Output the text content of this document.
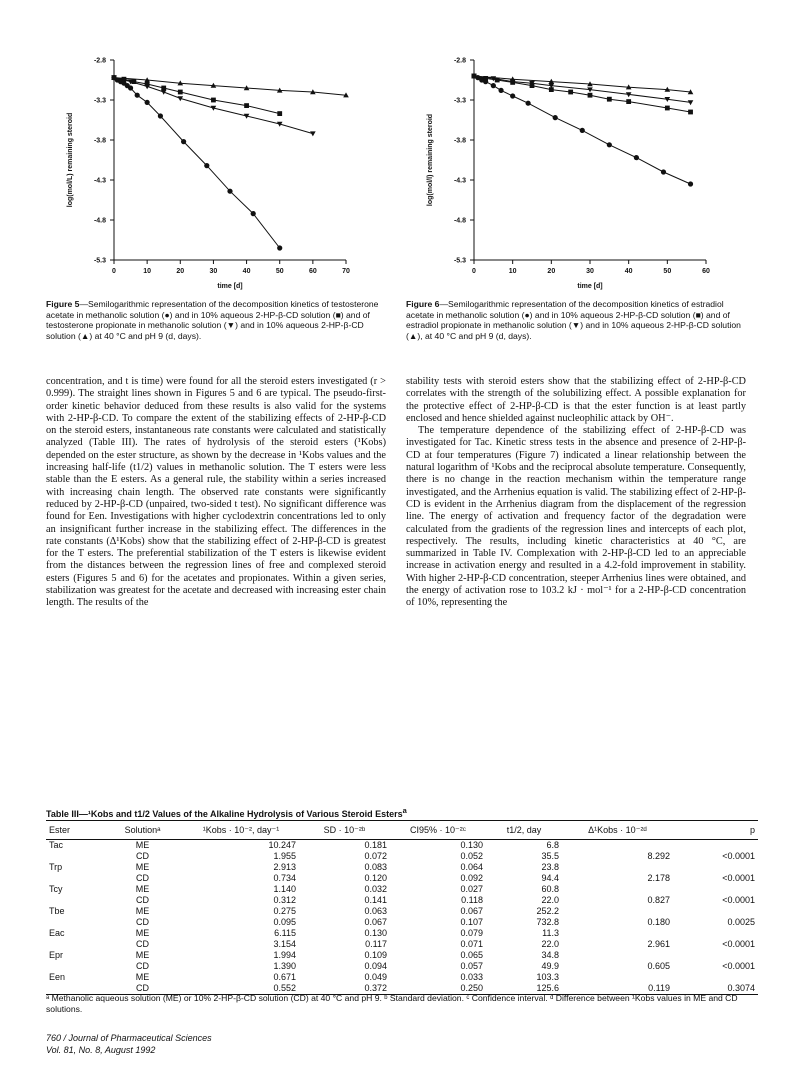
-2.8
-3.3
-3.8
-4.3
-4.8
-5.3
0	10	20	30	40	50	60	70
time [d]
log(mol/L) remaining steroid
-2.8
-3.3
-3.8
-4.3
-4.8
-5.3
0	10	20	30	40	50	60
time [d]
log(mol/l) remaining steroid
Figure 5—Semilogarithmic representation of the decomposition kinetics of testosterone acetate in methanolic solution (●) and in 10% aqueous 2-HP-β-CD solution (■) and of testosterone propionate in methanolic solution (▼) and in 10% aqueous 2-HP-β-CD solution (▲) at 40 °C and pH 9 (d, days).
Figure 6—Semilogarithmic representation of the decomposition kinetics of estradiol acetate in methanolic solution (●) and in 10% aqueous 2-HP-β-CD solution (■) and of estradiol propionate in methanolic solution (▼) and in 10% aqueous 2-HP-β-CD solution (▲), at 40 °C and pH 9 (d, days).

concentration, and t is time) were found for all the steroid esters investigated (r > 0.999). The straight lines shown in Figures 5 and 6 are typical. The pseudo-first-order kinetic behavior deduced from these results is also valid for the systems with 2-HP-β-CD. To compare the extent of the stabilizing effects of 2-HP-β-CD on the steroid esters, instantaneous rate constants were calculated and statistically analyzed (Table III). The rates of hydrolysis of the steroid esters (¹Kobs) depended on the ester structure, as shown by the decrease in ¹Kobs values and the increasing half-life (t1/2) values in methanolic solution. The T esters were less stable than the E esters. As a general rule, the stability within a series increased with increasing chain length. The observed rate constants were significantly reduced by 2-HP-β-CD (unpaired, two-sided t test). No significant difference was found for Een. Investigations with higher cyclodextrin concentrations led to only an insignificant further increase in the stabilizing effect. The differences in the rate constants (Δ¹Kobs) show that the stabilizing effect of 2-HP-β-CD is greatest for the T esters. The preferential stabilization of the T esters is likewise evident from the distances between the regression lines of free and complexed steroid esters (Figures 5 and 6) for the acetates and propionates. Within a given series, stabilization was greatest for the acetate and decreased with increasing ester chain length. The results of the

stability tests with steroid esters show that the stabilizing effect of 2-HP-β-CD correlates with the strength of the solubilizing effect. A possible explanation for the protective effect of 2-HP-β-CD is that the ester function is at least partly enclosed and hence shielded against nucleophilic attack by OH⁻.

The temperature dependence of the stabilizing effect of 2-HP-β-CD was investigated for Tac. Kinetic stress tests in the absence and presence of 2-HP-β-CD at four temperatures (Figure 7) indicated a linear relationship between the natural logarithm of ¹Kobs and the reciprocal absolute temperature. Consequently, there is no change in the reaction mechanism within the temperature range investigated, and the Arrhenius equation is valid. The stabilizing effect of 2-HP-β-CD is evident in the Arrhenius diagram from the displacement of the regression line. The energy of activation and frequency factor of the degradation were calculated from the gradients of the regression lines and intercepts of each plot, respectively. The results, including kinetic characteristics at 40 °C, are summarized in Table IV. Complexation with 2-HP-β-CD led to an appreciable increase in activation energy and resulted in a 4.2-fold improvement in stability. With higher 2-HP-β-CD concentration, steeper Arrhenius lines were obtained, and the energy of activation rose to 103.2 kJ · mol⁻¹ for a 2-HP-β-CD concentration of 10%, representing the

Table III—¹Kobs and t1/2 Values of the Alkaline Hydrolysis of Various Steroid Esters$^a$
Ester	Solutionᵃ	¹Kobs · 10⁻², day⁻¹	SD · 10⁻²ᵇ	CI95% · 10⁻²ᶜ	t1/2, day	Δ¹Kobs · 10⁻²ᵈ	p
Tac	ME	10.247	0.181	0.130	6.8		
	CD	1.955	0.072	0.052	35.5	8.292	<0.0001
Trp	ME	2.913	0.083	0.064	23.8		
	CD	0.734	0.120	0.092	94.4	2.178	<0.0001
Tcy	ME	1.140	0.032	0.027	60.8		
	CD	0.312	0.141	0.118	22.0	0.827	<0.0001
Tbe	ME	0.275	0.063	0.067	252.2		
	CD	0.095	0.067	0.107	732.8	0.180	0.0025
Eac	ME	6.115	0.130	0.079	11.3		
	CD	3.154	0.117	0.071	22.0	2.961	<0.0001
Epr	ME	1.994	0.109	0.065	34.8		
	CD	1.390	0.094	0.057	49.9	0.605	<0.0001
Een	ME	0.671	0.049	0.033	103.3		
	CD	0.552	0.372	0.250	125.6	0.119	0.3074
ᵃ Methanolic aqueous solution (ME) or 10% 2-HP-β-CD solution (CD) at 40 °C and pH 9. ᵇ Standard deviation. ᶜ Confidence interval. ᵈ Difference between ¹Kobs values in ME and CD solutions.
760 / Journal of Pharmaceutical Sciences
Vol. 81, No. 8, August 1992
